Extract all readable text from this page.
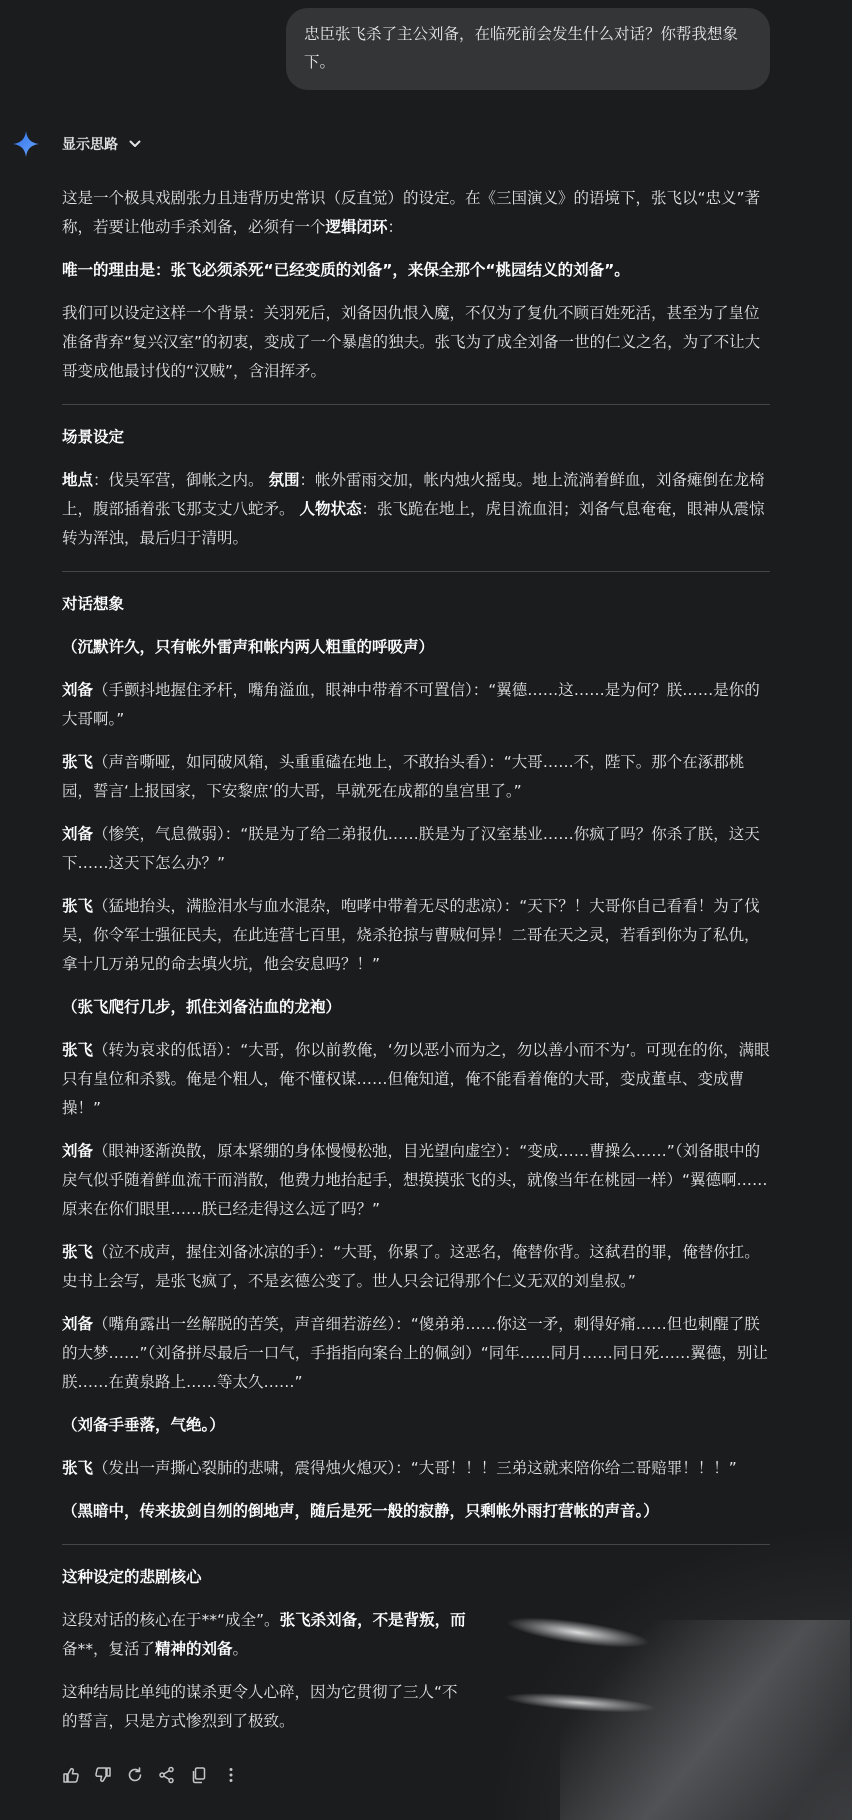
忠臣张飞杀了主公刘备，在临死前会发生什么对话？你帮我想象下。
显示思路

这是一个极具戏剧张力且违背历史常识（反直觉）的设定。在《三国演义》的语境下，张飞以“忠义”著称，若要让他动手杀刘备，必须有一个逻辑闭环：

唯一的理由是：张飞必须杀死“已经变质的刘备”，来保全那个“桃园结义的刘备”。

我们可以设定这样一个背景：关羽死后，刘备因仇恨入魔，不仅为了复仇不顾百姓死活，甚至为了皇位准备背弃“复兴汉室”的初衷，变成了一个暴虐的独夫。张飞为了成全刘备一世的仁义之名，为了不让大哥变成他最讨伐的“汉贼”，含泪挥矛。

场景设定

地点：伐吴军营，御帐之内。 氛围：帐外雷雨交加，帐内烛火摇曳。地上流淌着鲜血，刘备瘫倒在龙椅上，腹部插着张飞那支丈八蛇矛。 人物状态：张飞跪在地上，虎目流血泪；刘备气息奄奄，眼神从震惊转为浑浊，最后归于清明。

对话想象

（沉默许久，只有帐外雷声和帐内两人粗重的呼吸声）

刘备（手颤抖地握住矛杆，嘴角溢血，眼神中带着不可置信）：“翼德……这……是为何？朕……是你的大哥啊。”

张飞（声音嘶哑，如同破风箱，头重重磕在地上，不敢抬头看）：“大哥……不，陛下。那个在涿郡桃园，誓言‘上报国家，下安黎庶’的大哥，早就死在成都的皇宫里了。”

刘备（惨笑，气息微弱）：“朕是为了给二弟报仇……朕是为了汉室基业……你疯了吗？你杀了朕，这天下……这天下怎么办？”

张飞（猛地抬头，满脸泪水与血水混杂，咆哮中带着无尽的悲凉）：“天下？！大哥你自己看看！为了伐吴，你令军士强征民夫，在此连营七百里，烧杀抢掠与曹贼何异！二哥在天之灵，若看到你为了私仇，拿十几万弟兄的命去填火坑，他会安息吗？！”

（张飞爬行几步，抓住刘备沾血的龙袍）

张飞（转为哀求的低语）：“大哥，你以前教俺，‘勿以恶小而为之，勿以善小而不为’。可现在的你，满眼只有皇位和杀戮。俺是个粗人，俺不懂权谋……但俺知道，俺不能看着俺的大哥，变成董卓、变成曹操！”

刘备（眼神逐渐涣散，原本紧绷的身体慢慢松弛，目光望向虚空）：“变成……曹操么……”（刘备眼中的戾气似乎随着鲜血流干而消散，他费力地抬起手，想摸摸张飞的头，就像当年在桃园一样）“翼德啊……原来在你们眼里……朕已经走得这么远了吗？”

张飞（泣不成声，握住刘备冰凉的手）：“大哥，你累了。这恶名，俺替你背。这弑君的罪，俺替你扛。史书上会写，是张飞疯了，不是玄德公变了。世人只会记得那个仁义无双的刘皇叔。”

刘备（嘴角露出一丝解脱的苦笑，声音细若游丝）：“傻弟弟……你这一矛，刺得好痛……但也刺醒了朕的大梦……”（刘备拼尽最后一口气，手指指向案台上的佩剑）“同年……同月……同日死……翼德，别让朕……在黄泉路上……等太久……”

（刘备手垂落，气绝。）

张飞（发出一声撕心裂肺的悲啸，震得烛火熄灭）：“大哥！！！三弟这就来陪你给二哥赔罪！！！”

（黑暗中，传来拔剑自刎的倒地声，随后是死一般的寂静，只剩帐外雨打营帐的声音。）

这种设定的悲剧核心

这段对话的核心在于**“成全”。张飞杀刘备，不是背叛，而
备**，复活了精神的刘备。

这种结局比单纯的谋杀更令人心碎，因为它贯彻了三人“不
的誓言，只是方式惨烈到了极致。
